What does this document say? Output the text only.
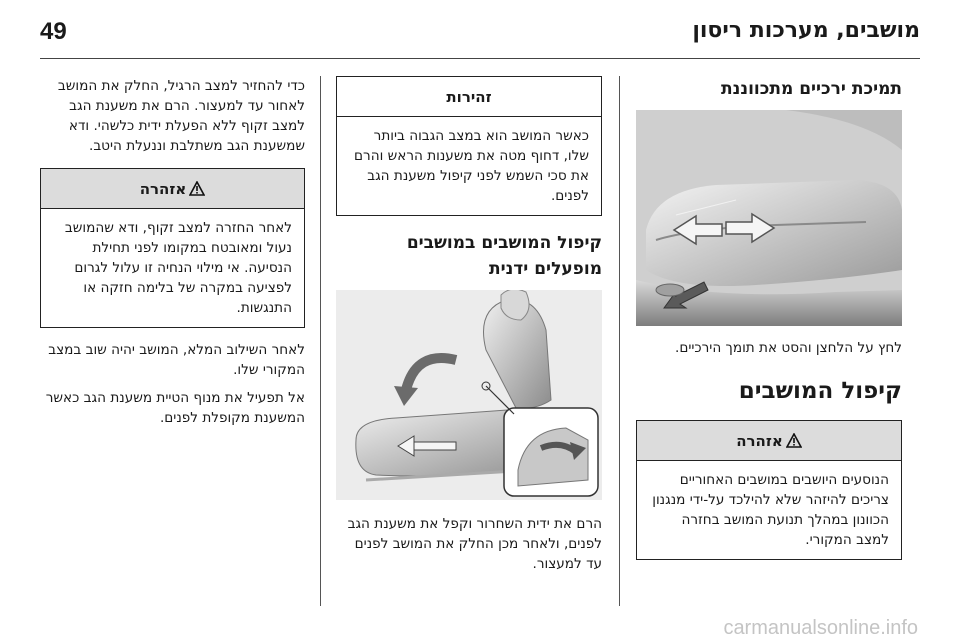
49	מושבים, מערכות ריסון
תמיכת ירכיים מתכווננת
לחץ על הלחצן והסט את תומך הירכיים.
קיפול המושבים
אזהרה
הנוסעים היושבים במושבים האחוריים צריכים להיזהר שלא להילכד על-ידי מנגנון הכוונון במהלך תנועת המושב בחזרה למצב המקורי.
זהירות
כאשר המושב הוא במצב הגבוה ביותר שלו, דחוף מטה את משענות הראש והרם את סכי השמש לפני קיפול משענת הגב לפנים.
קיפול המושבים במושבים מופעלים ידנית
הרם את ידית השחרור וקפל את משענת הגב לפנים, ולאחר מכן החלק את המושב לפנים עד למעצור.
כדי להחזיר למצב הרגיל, החלק את המושב לאחור עד למעצור. הרם את משענת הגב למצב זקוף ללא הפעלת ידית כלשהי. ודא שמשענת הגב משתלבת וננעלת היטב.
אזהרה
לאחר החזרה למצב זקוף, ודא שהמושב נעול ומאובטח במקומו לפני תחילת הנסיעה. אי מילוי הנחיה זו עלול לגרום לפציעה במקרה של בלימה חזקה או התנגשות.
לאחר השילוב המלא, המושב יהיה שוב במצב המקורי שלו.
אל תפעיל את מנוף הטיית משענת הגב כאשר המשענת מקופלת לפנים.
carmanualsonline.info
